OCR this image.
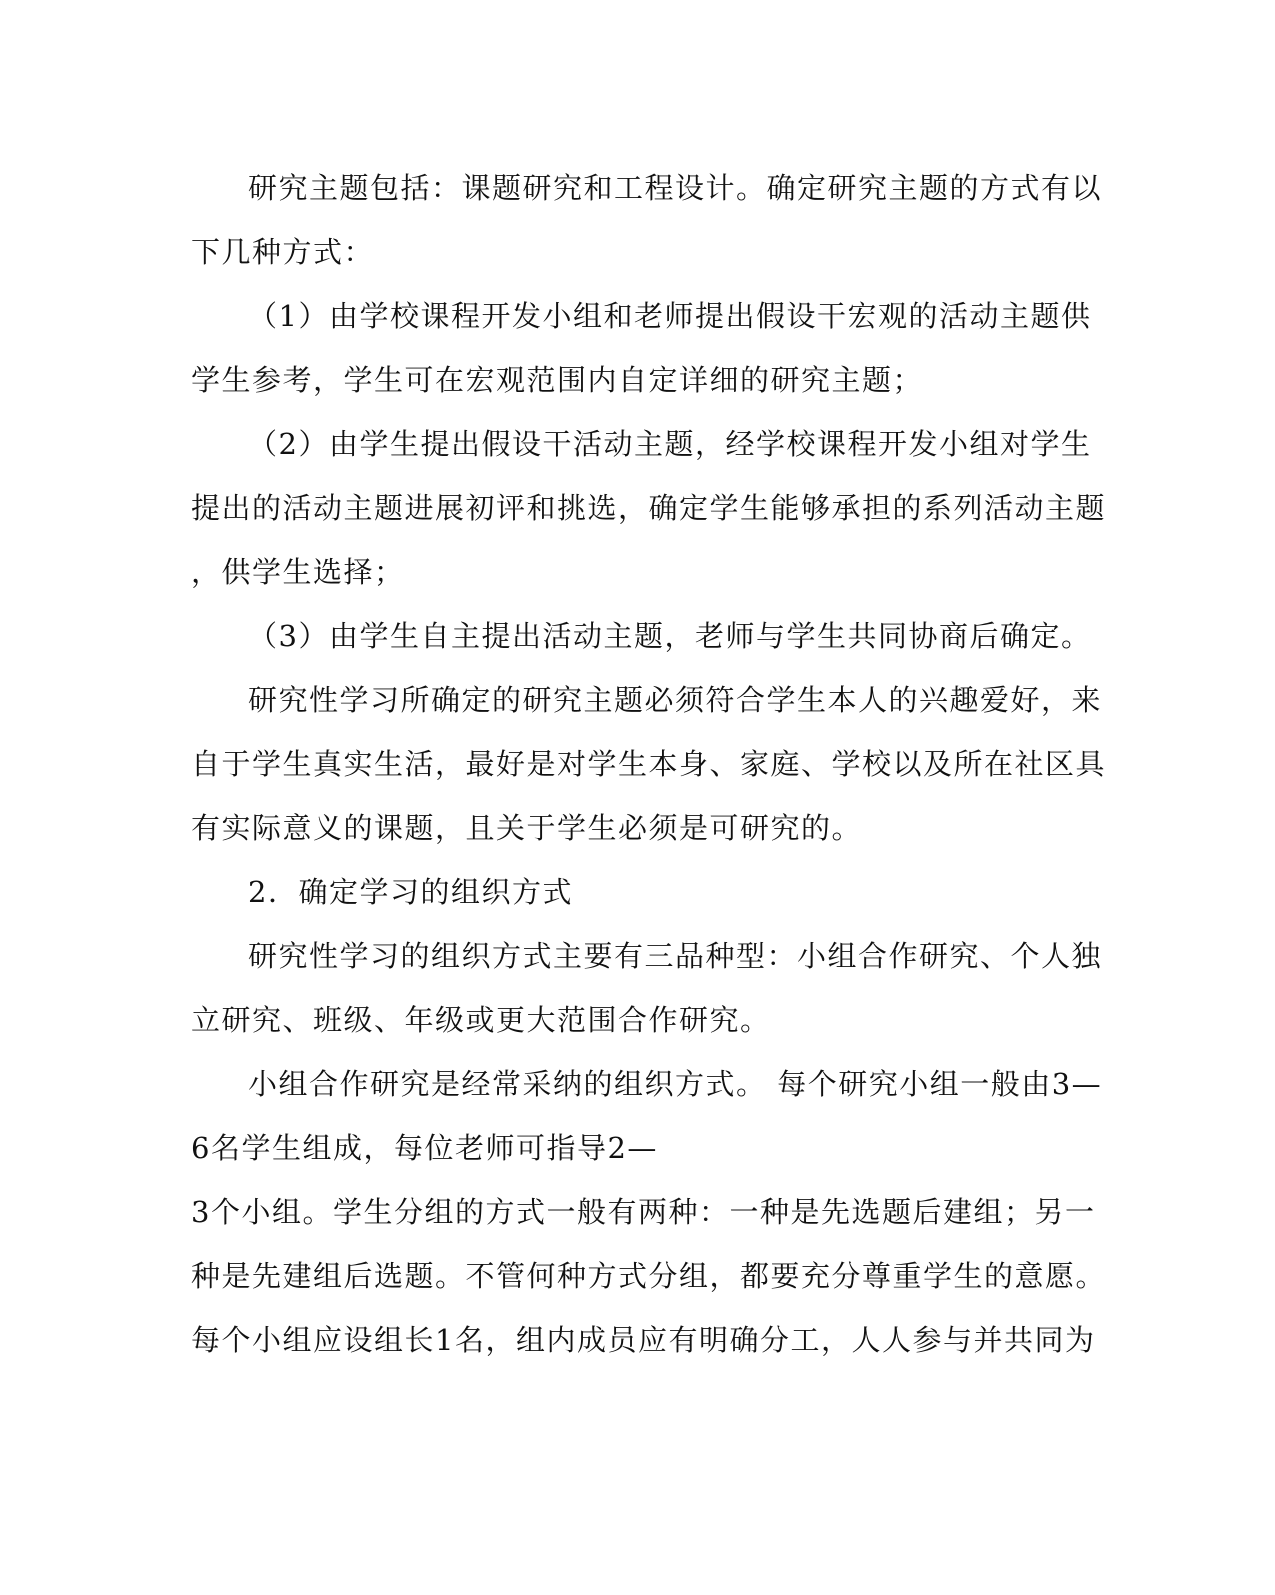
研究主题包括：课题研究和工程设计。确定研究主题的方式有以
下几种方式：
（1）由学校课程开发小组和老师提出假设干宏观的活动主题供
学生参考，学生可在宏观范围内自定详细的研究主题；
（2）由学生提出假设干活动主题，经学校课程开发小组对学生
提出的活动主题进展初评和挑选，确定学生能够承担的系列活动主题
，供学生选择；
（3）由学生自主提出活动主题，老师与学生共同协商后确定。
研究性学习所确定的研究主题必须符合学生本人的兴趣爱好，来
自于学生真实生活，最好是对学生本身、家庭、学校以及所在社区具
有实际意义的课题，且关于学生必须是可研究的。
2．确定学习的组织方式
研究性学习的组织方式主要有三品种型：小组合作研究、个人独
立研究、班级、年级或更大范围合作研究。
小组合作研究是经常采纳的组织方式。 每个研究小组一般由3—
6名学生组成，每位老师可指导2—
3个小组。学生分组的方式一般有两种：一种是先选题后建组；另一
种是先建组后选题。不管何种方式分组，都要充分尊重学生的意愿。
每个小组应设组长1名，组内成员应有明确分工，人人参与并共同为
